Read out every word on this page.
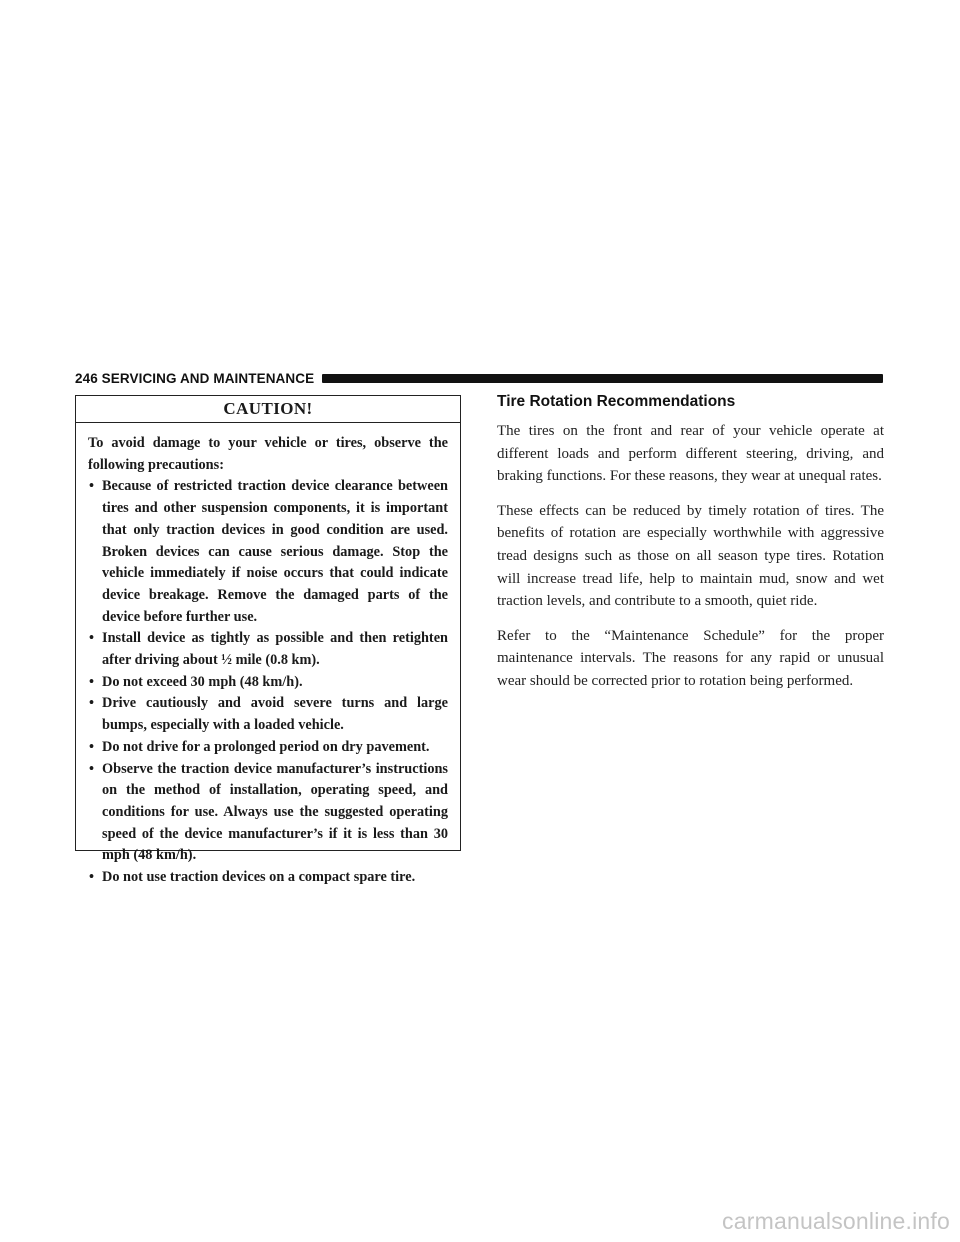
246 SERVICING AND MAINTENANCE
CAUTION!

To avoid damage to your vehicle or tires, observe the following precautions:

• Because of restricted traction device clearance between tires and other suspension components, it is important that only traction devices in good condition are used. Broken devices can cause serious damage. Stop the vehicle immediately if noise occurs that could indicate device breakage. Remove the damaged parts of the device before further use.
• Install device as tightly as possible and then retighten after driving about ½ mile (0.8 km).
• Do not exceed 30 mph (48 km/h).
• Drive cautiously and avoid severe turns and large bumps, especially with a loaded vehicle.
• Do not drive for a prolonged period on dry pavement.
• Observe the traction device manufacturer’s instructions on the method of installation, operating speed, and conditions for use. Always use the suggested operating speed of the device manufacturer’s if it is less than 30 mph (48 km/h).
• Do not use traction devices on a compact spare tire.
Tire Rotation Recommendations

The tires on the front and rear of your vehicle operate at different loads and perform different steering, driving, and braking functions. For these reasons, they wear at unequal rates.

These effects can be reduced by timely rotation of tires. The benefits of rotation are especially worthwhile with aggressive tread designs such as those on all season type tires. Rotation will increase tread life, help to maintain mud, snow and wet traction levels, and contribute to a smooth, quiet ride.

Refer to the “Maintenance Schedule” for the proper maintenance intervals. The reasons for any rapid or unusual wear should be corrected prior to rotation being performed.

carmanualsonline.info
